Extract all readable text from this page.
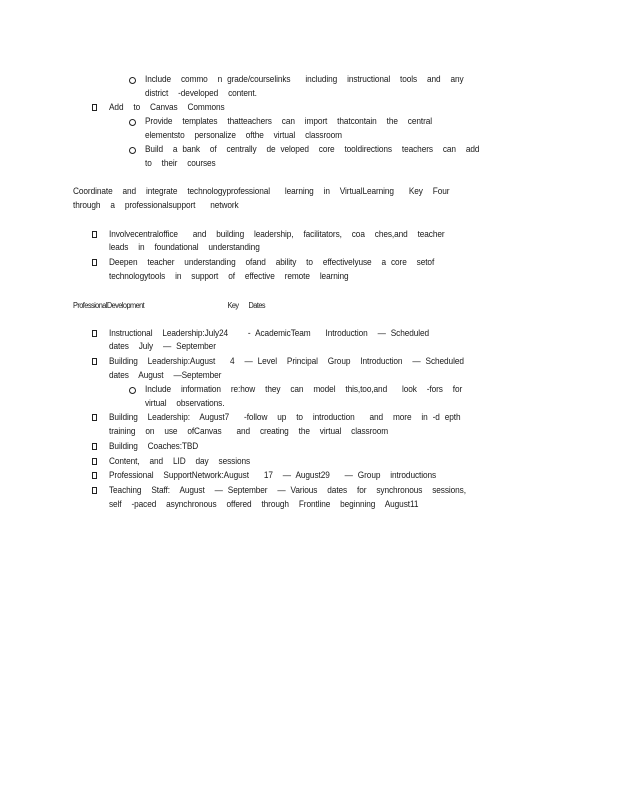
Include  commo  n grade/courselinks   including  instructional  tools  and  any
district  -developed  content.
Add  to  Canvas  Commons
Provide  templates  thatteachers  can  import  thatcontain  the  central
elementsto  personalize  ofthe  virtual  classroom
Build  a bank  of  centrally  de veloped  core  tooldirections  teachers  can  add
to  their  courses
Coordinate  and  integrate  technologyprofessional   learning  in  VirtualLearning   Key  Four
through  a  professionalsupport   network
Involvecentraloffice   and  building  leadership,  facilitators,  coa  ches,and  teacher
leads  in  foundational  understanding
Deepen  teacher  understanding  ofand  ability  to  effectivelyuse  a core  setof
technologytools  in  support  of  effective  remote  learning
ProfessionalDevelopment                         Key   Dates
Instructional  Leadership:July24    - AcademicTeam   Introduction  — Scheduled
dates  July  — September
Building  Leadership:August   4  — Level  Principal  Group  Introduction  — Scheduled
dates  August  —September
Include  information  re:how  they  can  model  this,too,and   look  -fors  for
virtual  observations.
Building  Leadership:  August7   -follow  up  to  introduction   and  more  in -d epth
training  on  use  ofCanvas   and  creating  the  virtual  classroom
Building  Coaches:TBD
Content,  and  LID  day  sessions
Professional  SupportNetwork:August   17  — August29   — Group  introductions
Teaching  Staff:  August  — September  — Various  dates  for  synchronous  sessions,
self  -paced  asynchronous  offered  through  Frontline  beginning  August11
